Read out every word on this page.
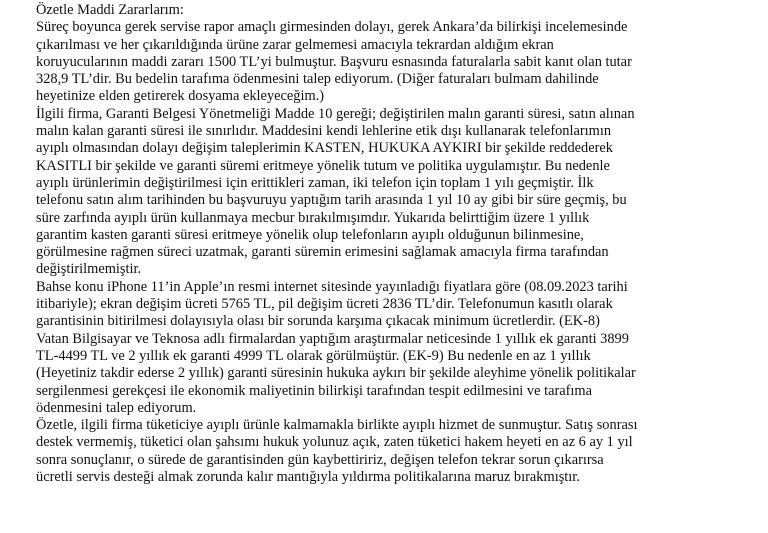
Özetle Maddi Zararlarım:
Süreç boyunca gerek servise rapor amaçlı girmesinden dolayı, gerek Ankara’da bilirkişi incelemesinde
çıkarılması ve her çıkarıldığında ürüne zarar gelmemesi amacıyla tekrardan aldığım ekran
koruyucularının maddi zararı 1500 TL’yi bulmuştur. Başvuru esnasında faturalarla sabit kanıt olan tutar
328,9 TL’dir. Bu bedelin tarafıma ödenmesini talep ediyorum. (Diğer faturaları bulmam dahilinde
heyetinize elden getirerek dosyama ekleyeceğim.)
İlgili firma, Garanti Belgesi Yönetmeliği Madde 10 gereği; değiştirilen malın garanti süresi, satın alınan
malın kalan garanti süresi ile sınırlıdır. Maddesini kendi lehlerine etik dışı kullanarak telefonlarımın
ayıplı olmasından dolayı değişim taleplerimin KASTEN, HUKUKA AYKIRI bir şekilde reddederek
KASITLI bir şekilde ve garanti süremi eritmeye yönelik tutum ve politika uygulamıştır. Bu nedenle
ayıplı ürünlerimin değiştirilmesi için erittikleri zaman, iki telefon için toplam 1 yılı geçmiştir. İlk
telefonu satın alım tarihinden bu başvuruyu yaptığım tarih arasında 1 yıl 10 ay gibi bir süre geçmiş, bu
süre zarfında ayıplı ürün kullanmaya mecbur bırakılmışımdır. Yukarıda belirttiğim üzere 1 yıllık
garantim kasten garanti süresi eritmeye yönelik olup telefonların ayıplı olduğunun bilinmesine,
görülmesine rağmen süreci uzatmak, garanti süremin erimesini sağlamak amacıyla firma tarafından
değiştirilmemiştir.
Bahse konu iPhone 11’in Apple’ın resmi internet sitesinde yayınladığı fiyatlara göre (08.09.2023 tarihi
itibariyle); ekran değişim ücreti 5765 TL, pil değişim ücreti 2836 TL’dir. Telefonumun kasıtlı olarak
garantisinin bitirilmesi dolayısıyla olası bir sorunda karşıma çıkacak minimum ücretlerdir. (EK-8)
Vatan Bilgisayar ve Teknosa adlı firmalardan yaptığım araştırmalar neticesinde 1 yıllık ek garanti 3899
TL-4499 TL ve 2 yıllık ek garanti 4999 TL olarak görülmüştür. (EK-9) Bu nedenle en az 1 yıllık
(Heyetiniz takdir ederse 2 yıllık) garanti süresinin hukuka aykırı bir şekilde aleyhime yönelik politikalar
sergilenmesi gerekçesi ile ekonomik maliyetinin bilirkişi tarafından tespit edilmesini ve tarafıma
ödenmesini talep ediyorum.
Özetle, ilgili firma tüketiciye ayıplı ürünle kalmamakla birlikte ayıplı hizmet de sunmuştur. Satış sonrası
destek vermemiş, tüketici olan şahsımı hukuk yolunuz açık, zaten tüketici hakem heyeti en az 6 ay 1 yıl
sonra sonuçlanır, o sürede de garantisinden gün kaybettiririz, değişen telefon tekrar sorun çıkarırsa
ücretli servis desteği almak zorunda kalır mantığıyla yıldırma politikalarına maruz bırakmıştır.
